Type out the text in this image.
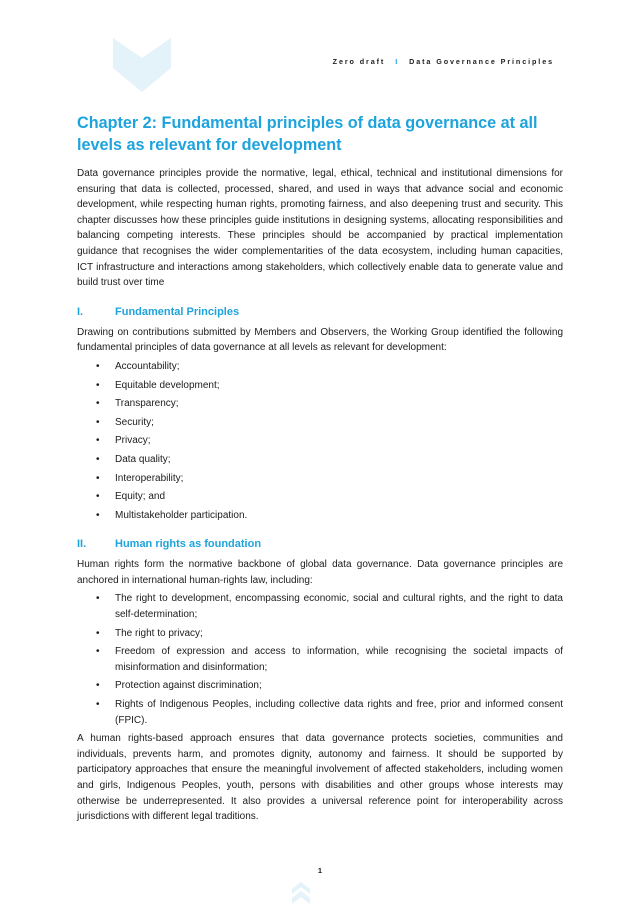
Zero draft I Data Governance Principles
Chapter 2: Fundamental principles of data governance at all levels as relevant for development

Data governance principles provide the normative, legal, ethical, technical and institutional dimensions for ensuring that data is collected, processed, shared, and used in ways that advance social and economic development, while respecting human rights, promoting fairness, and also deepening trust and security. This chapter discusses how these principles guide institutions in designing systems, allocating responsibilities and balancing competing interests. These principles should be accompanied by practical implementation guidance that recognises the wider complementarities of the data ecosystem, including human capacities, ICT infrastructure and interactions among stakeholders, which collectively enable data to generate value and build trust over time

I.	Fundamental Principles

Drawing on contributions submitted by Members and Observers, the Working Group identified the following fundamental principles of data governance at all levels as relevant for development:

• Accountability;
• Equitable development;
• Transparency;
• Security;
• Privacy;
• Data quality;
• Interoperability;
• Equity; and
• Multistakeholder participation.
II.	Human rights as foundation

Human rights form the normative backbone of global data governance. Data governance principles are anchored in international human-rights law, including:

• The right to development, encompassing economic, social and cultural rights, and the right to data self-determination;
• The right to privacy;
• Freedom of expression and access to information, while recognising the societal impacts of misinformation and disinformation;
• Protection against discrimination;
• Rights of Indigenous Peoples, including collective data rights and free, prior and informed consent (FPIC).

A human rights-based approach ensures that data governance protects societies, communities and individuals, prevents harm, and promotes dignity, autonomy and fairness. It should be supported by participatory approaches that ensure the meaningful involvement of affected stakeholders, including women and girls, Indigenous Peoples, youth, persons with disabilities and other groups whose interests may otherwise be underrepresented. It also provides a universal reference point for interoperability across jurisdictions with different legal traditions.

1
